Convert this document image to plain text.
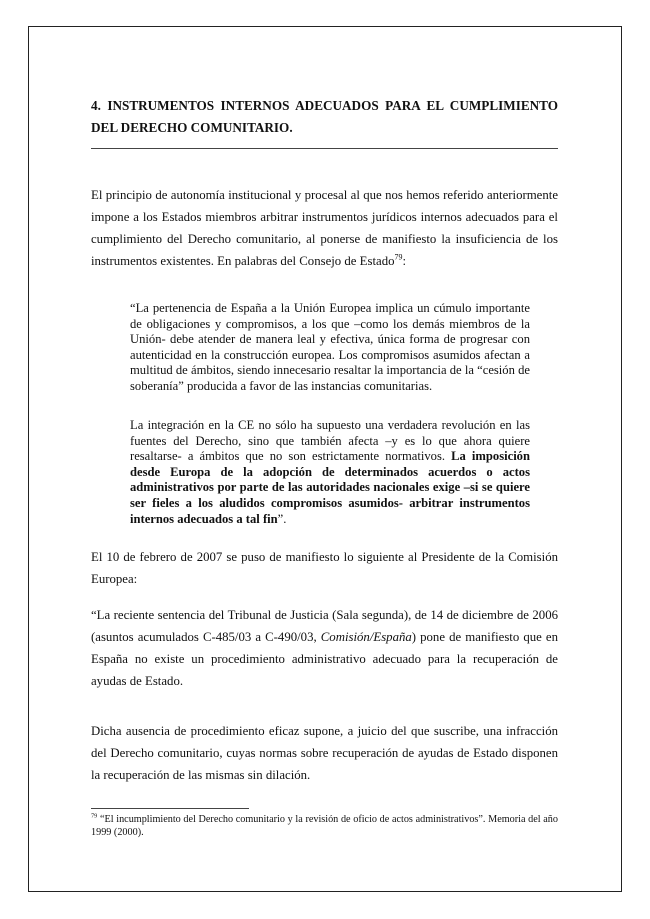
4. INSTRUMENTOS INTERNOS ADECUADOS PARA EL CUMPLIMIENTO DEL DERECHO COMUNITARIO.
El principio de autonomía institucional y procesal al que nos hemos referido anteriormente impone a los Estados miembros arbitrar instrumentos jurídicos internos adecuados para el cumplimiento del Derecho comunitario, al ponerse de manifiesto la insuficiencia de los instrumentos existentes. En palabras del Consejo de Estado$^{79}$:
“La pertenencia de España a la Unión Europea implica un cúmulo importante de obligaciones y compromisos, a los que –como los demás miembros de la Unión- debe atender de manera leal y efectiva, única forma de progresar con autenticidad en la construcción europea. Los compromisos asumidos afectan a multitud de ámbitos, siendo innecesario resaltar la importancia de la “cesión de soberanía” producida a favor de las instancias comunitarias.
La integración en la CE no sólo ha supuesto una verdadera revolución en las fuentes del Derecho, sino que también afecta –y es lo que ahora quiere resaltarse- a ámbitos que no son estrictamente normativos. La imposición desde Europa de la adopción de determinados acuerdos o actos administrativos por parte de las autoridades nacionales exige –si se quiere ser fieles a los aludidos compromisos asumidos- arbitrar instrumentos internos adecuados a tal fin”.
El 10 de febrero de 2007 se puso de manifiesto lo siguiente al Presidente de la Comisión Europea:
“La reciente sentencia del Tribunal de Justicia (Sala segunda), de 14 de diciembre de 2006 (asuntos acumulados C-485/03 a C-490/03, Comisión/España) pone de manifiesto que en España no existe un procedimiento administrativo adecuado para la recuperación de ayudas de Estado.
Dicha ausencia de procedimiento eficaz supone, a juicio del que suscribe, una infracción del Derecho comunitario, cuyas normas sobre recuperación de ayudas de Estado disponen la recuperación de las mismas sin dilación.
$^{79}$ “El incumplimiento del Derecho comunitario y la revisión de oficio de actos administrativos”. Memoria del año 1999 (2000).
